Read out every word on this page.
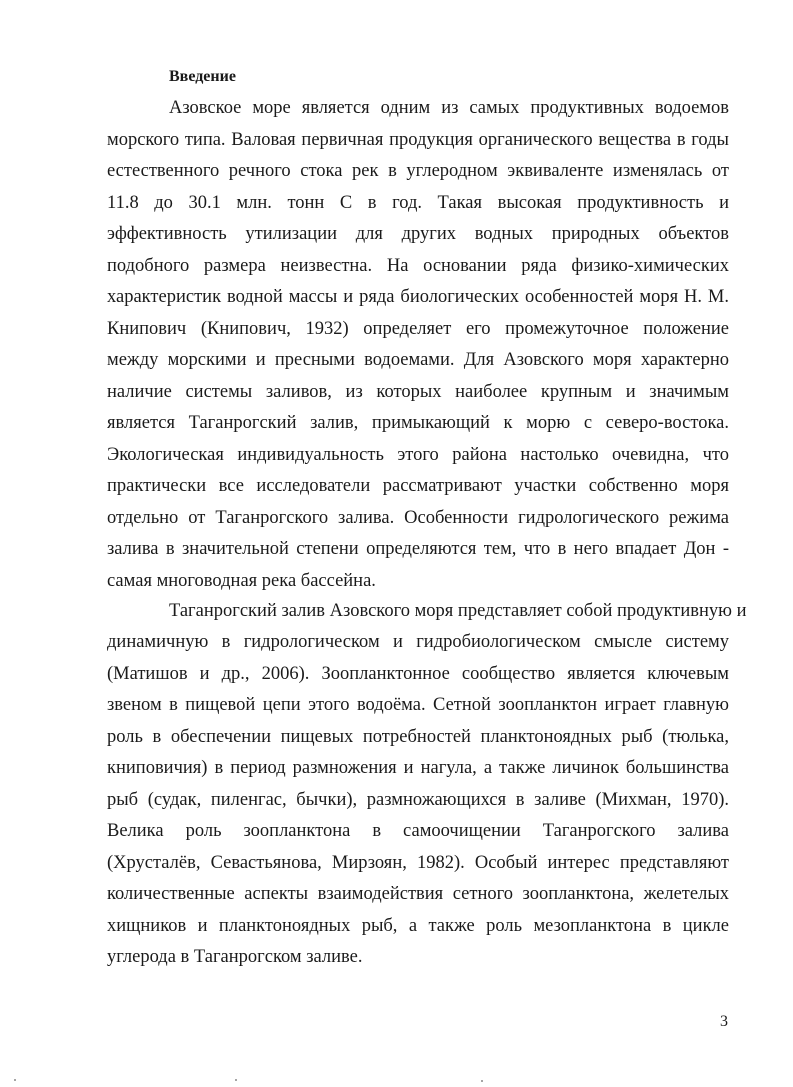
Введение
Азовское море является одним из самых продуктивных водоемов
морского типа. Валовая первичная продукция органического вещества в годы
естественного речного стока рек в углеродном эквиваленте изменялась от
11.8 до 30.1 млн. тонн С в год. Такая высокая продуктивность и
эффективность утилизации для других водных природных объектов
подобного размера неизвестна. На основании ряда физико-химических
характеристик водной массы и ряда биологических особенностей моря Н. М.
Книпович (Книпович, 1932) определяет его промежуточное положение
между морскими и пресными водоемами. Для Азовского моря характерно
наличие системы заливов, из которых наиболее крупным и значимым
является Таганрогский залив, примыкающий к морю с северо-востока.
Экологическая индивидуальность этого района настолько очевидна, что
практически все исследователи рассматривают участки собственно моря
отдельно от Таганрогского залива. Особенности гидрологического режима
залива в значительной степени определяются тем, что в него впадает Дон -
самая многоводная река бассейна.
Таганрогский залив Азовского моря представляет собой продуктивную и
динамичную в гидрологическом и гидробиологическом смысле систему
(Матишов и др., 2006). Зоопланктонное сообщество является ключевым
звеном в пищевой цепи этого водоёма. Сетной зоопланктон играет главную
роль в обеспечении пищевых потребностей планктоноядных рыб (тюлька,
книповичия) в период размножения и нагула, а также личинок большинства
рыб (судак, пиленгас, бычки), размножающихся в заливе (Михман, 1970).
Велика роль зоопланктона в самоочищении Таганрогского залива
(Хрусталёв, Севастьянова, Мирзоян, 1982). Особый интерес представляют
количественные аспекты взаимодействия сетного зоопланктона, желетелых
хищников и планктоноядных рыб, а также роль мезопланктона в цикле
углерода в Таганрогском заливе.
3
